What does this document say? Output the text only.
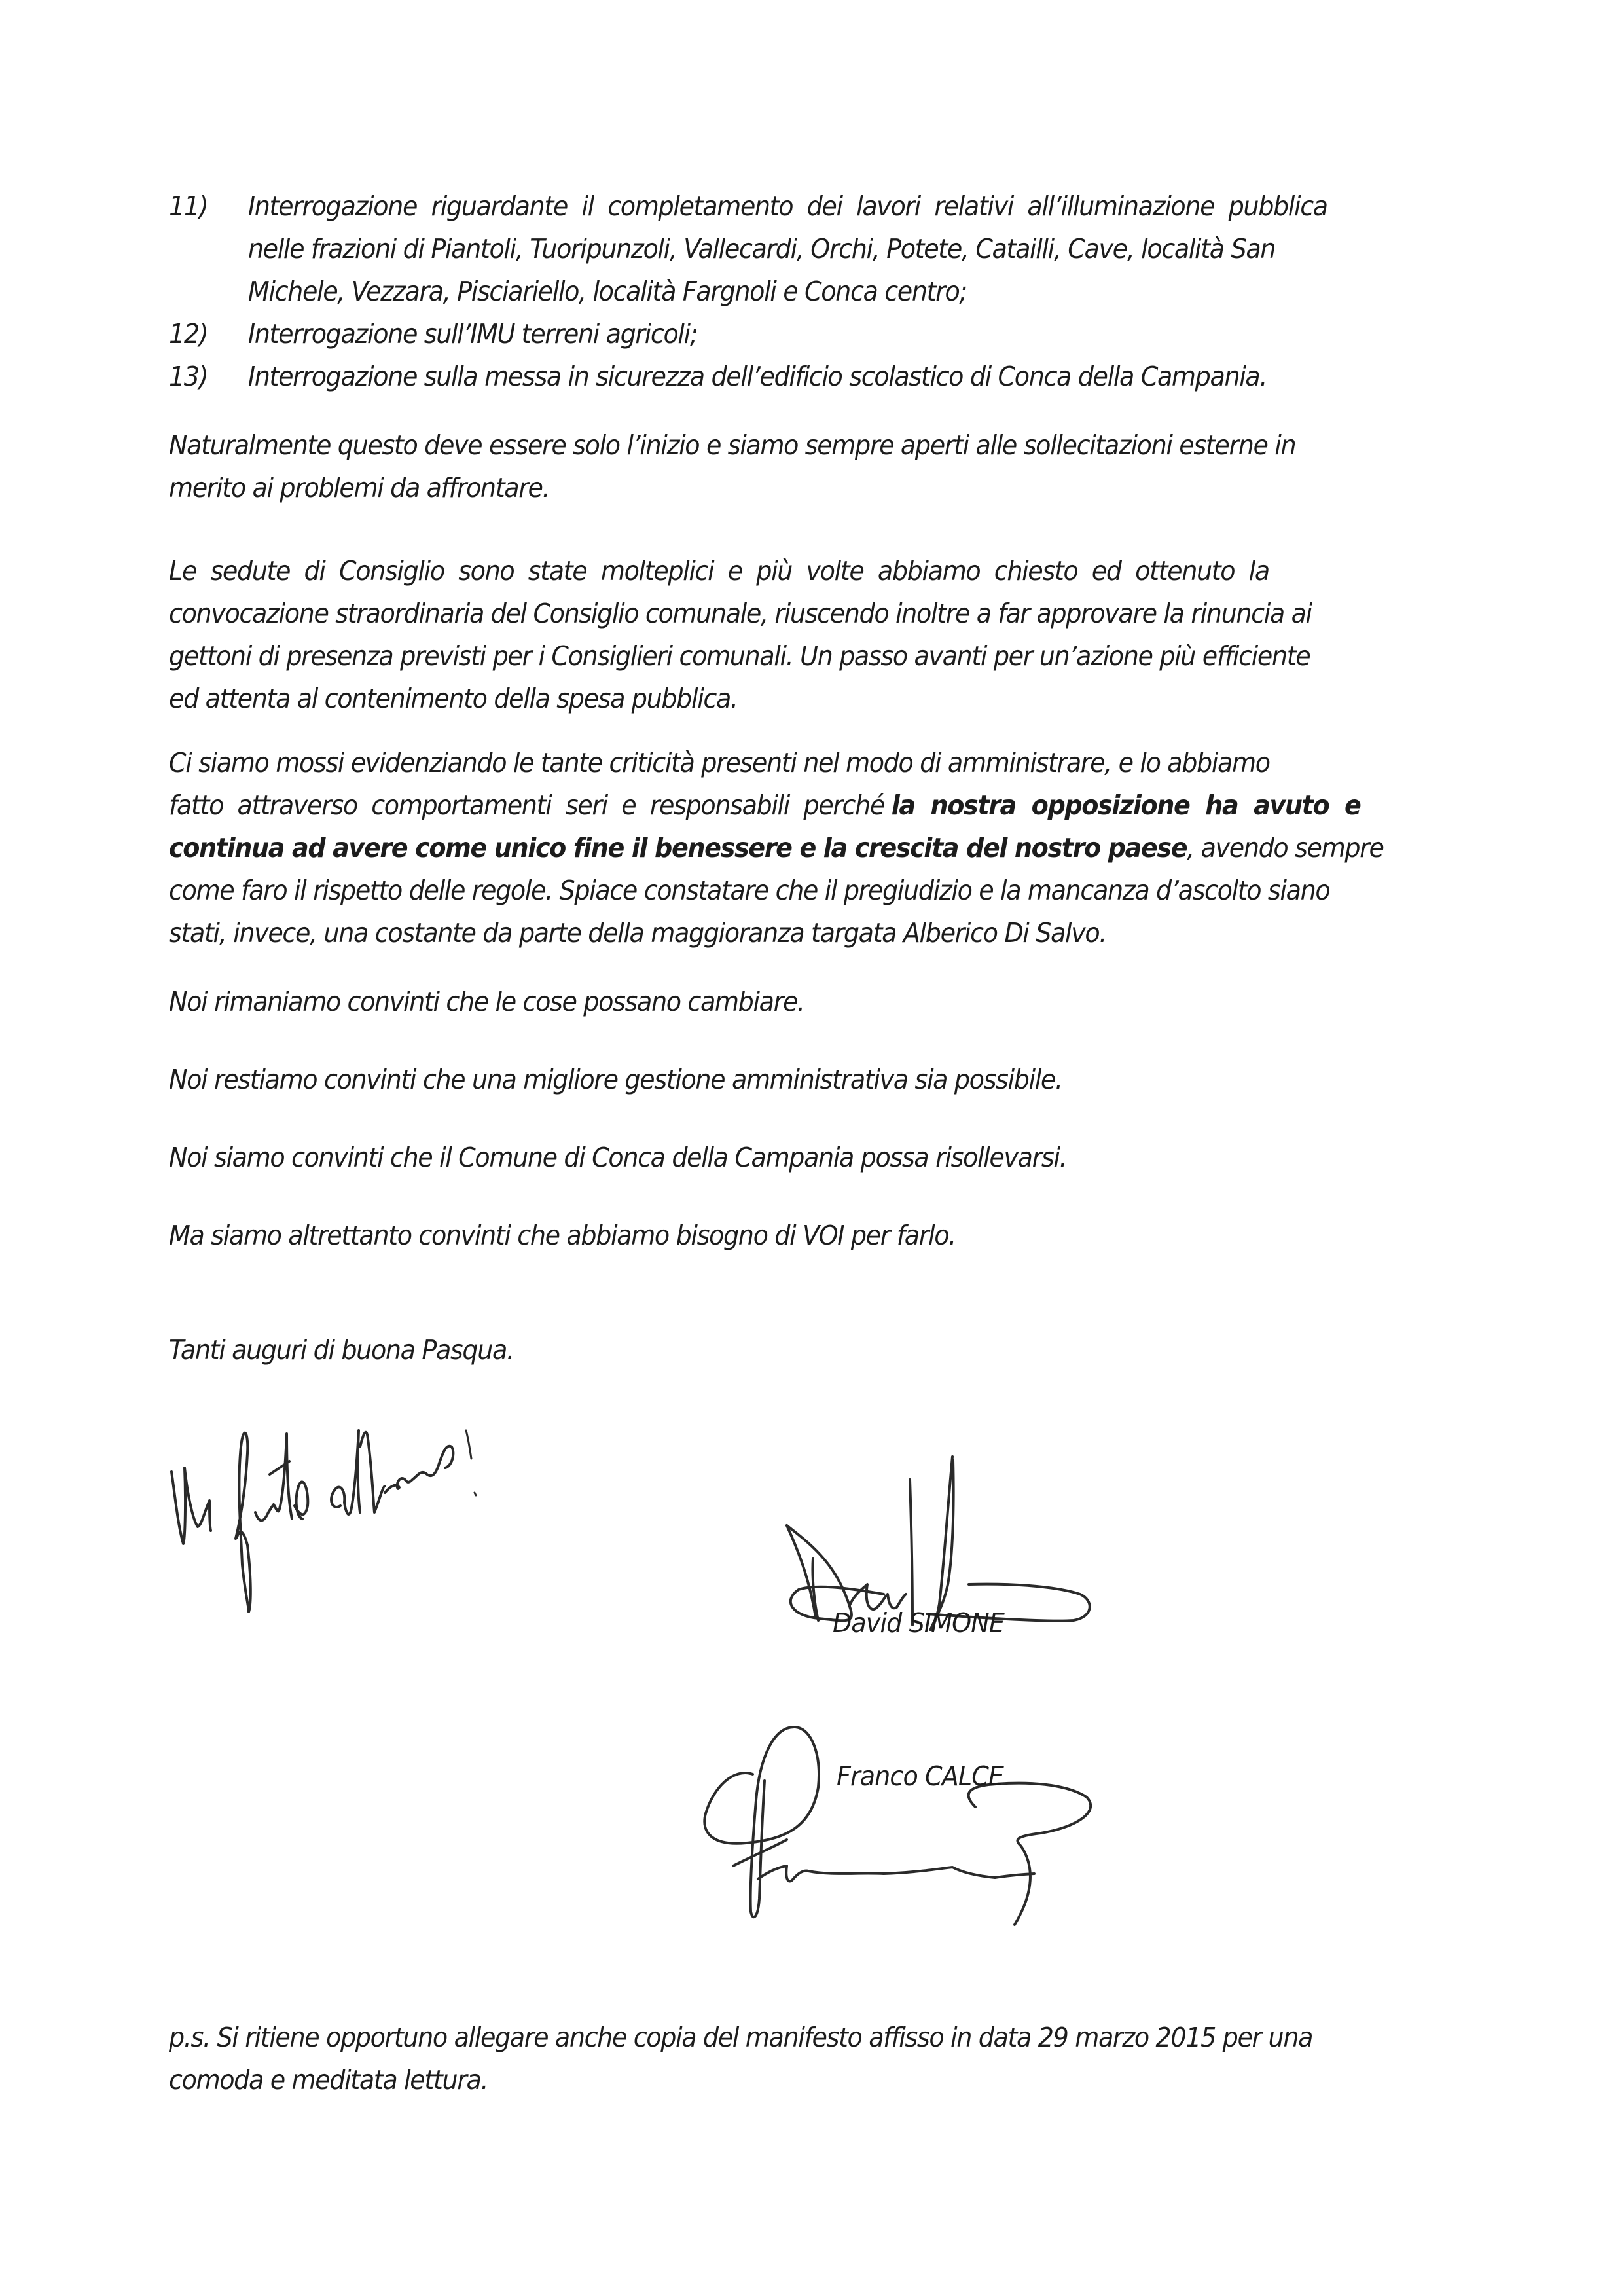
11) Interrogazione  riguardante  il  completamento  dei  lavori  relativi  all’illuminazione  pubblica
nelle frazioni di Piantoli, Tuoripunzoli, Vallecardi, Orchi, Potete, Catailli, Cave, località San
Michele, Vezzara, Pisciariello, località Fargnoli e Conca centro;
12) Interrogazione sull’IMU terreni agricoli;
13) Interrogazione sulla messa in sicurezza dell’edificio scolastico di Conca della Campania.
Naturalmente questo deve essere solo l’inizio e siamo sempre aperti alle sollecitazioni esterne in
merito ai problemi da affrontare.
Le  sedute  di  Consiglio  sono  state  molteplici  e  più  volte  abbiamo  chiesto  ed  ottenuto  la
convocazione straordinaria del Consiglio comunale, riuscendo inoltre a far approvare la rinuncia ai
gettoni di presenza previsti per i Consiglieri comunali. Un passo avanti per un’azione più efficiente
ed attenta al contenimento della spesa pubblica.
Ci siamo mossi evidenziando le tante criticità presenti nel modo di amministrare, e lo abbiamo
fatto  attraverso  comportamenti  seri  e  responsabili  perché la  nostra  opposizione  ha  avuto  e
continua ad avere come unico fine il benessere e la crescita del nostro paese, avendo sempre
come faro il rispetto delle regole. Spiace constatare che il pregiudizio e la mancanza d’ascolto siano
stati, invece, una costante da parte della maggioranza targata Alberico Di Salvo.
Noi rimaniamo convinti che le cose possano cambiare.
Noi restiamo convinti che una migliore gestione amministrativa sia possibile.
Noi siamo convinti che il Comune di Conca della Campania possa risollevarsi.
Ma siamo altrettanto convinti che abbiamo bisogno di VOI per farlo.
Tanti auguri di buona Pasqua.
David SIMONE
Franco CALCE
p.s. Si ritiene opportuno allegare anche copia del manifesto affisso in data 29 marzo 2015 per una
comoda e meditata lettura.
